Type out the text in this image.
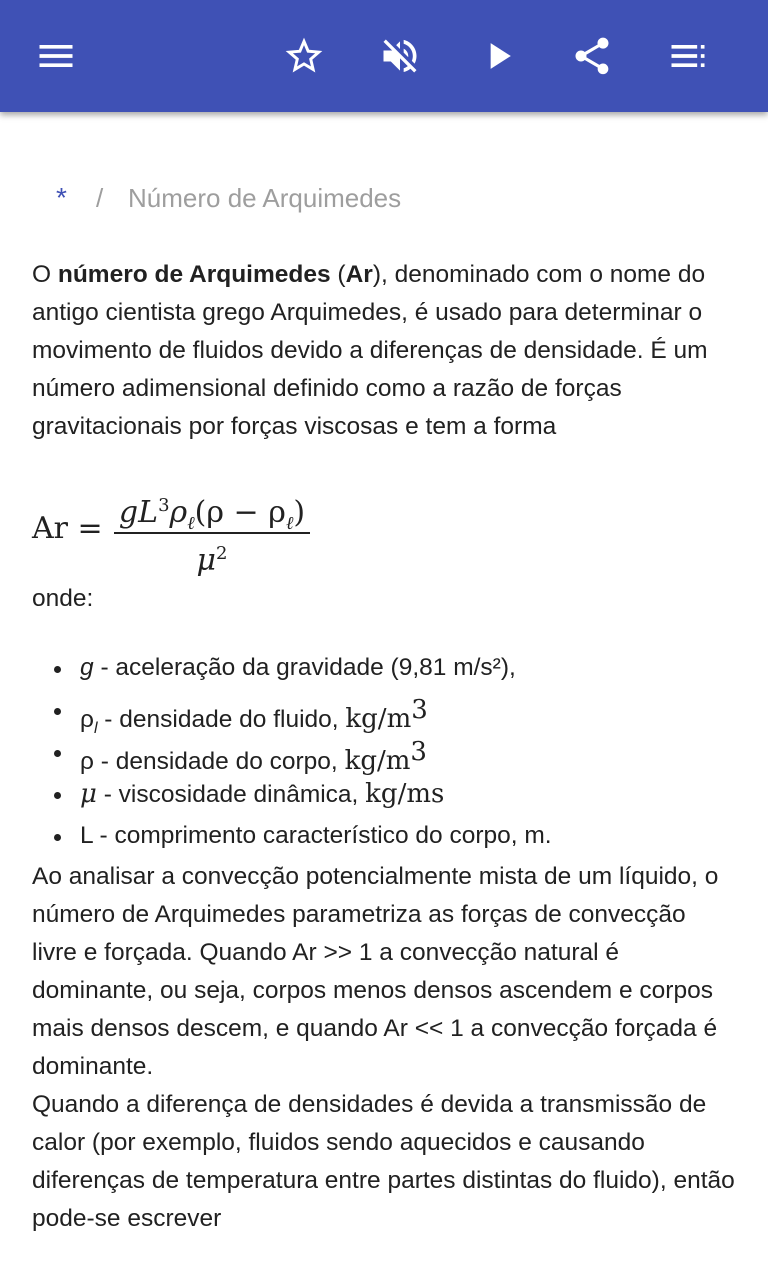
*	/ Número de Arquimedes

O número de Arquimedes (Ar), denominado com o nome do antigo cientista grego Arquimedes, é usado para determinar o movimento de fluidos devido a diferenças de densidade. É um número adimensional definido como a razão de forças gravitacionais por forças viscosas e tem a forma

$Ar = gL^3\rho_\ell(\rho - \rho_\ell)$
$\mu^2$

onde:

g - aceleração da gravidade (9,81 m/s²),
$\rho_l$ - densidade do fluido, $kg/m^3$
ρ - densidade do corpo, $kg/m^3$
μ - viscosidade dinâmica, kg/ms
L - comprimento característico do corpo, m.

Ao analisar a convecção potencialmente mista de um líquido, o número de Arquimedes parametriza as forças de convecção livre e forçada. Quando Ar >> 1 a convecção natural é dominante, ou seja, corpos menos densos ascendem e corpos mais densos descem, e quando Ar << 1 a convecção forçada é dominante.

Quando a diferença de densidades é devida a transmissão de calor (por exemplo, fluidos sendo aquecidos e causando diferenças de temperatura entre partes distintas do fluido), então pode-se escrever
